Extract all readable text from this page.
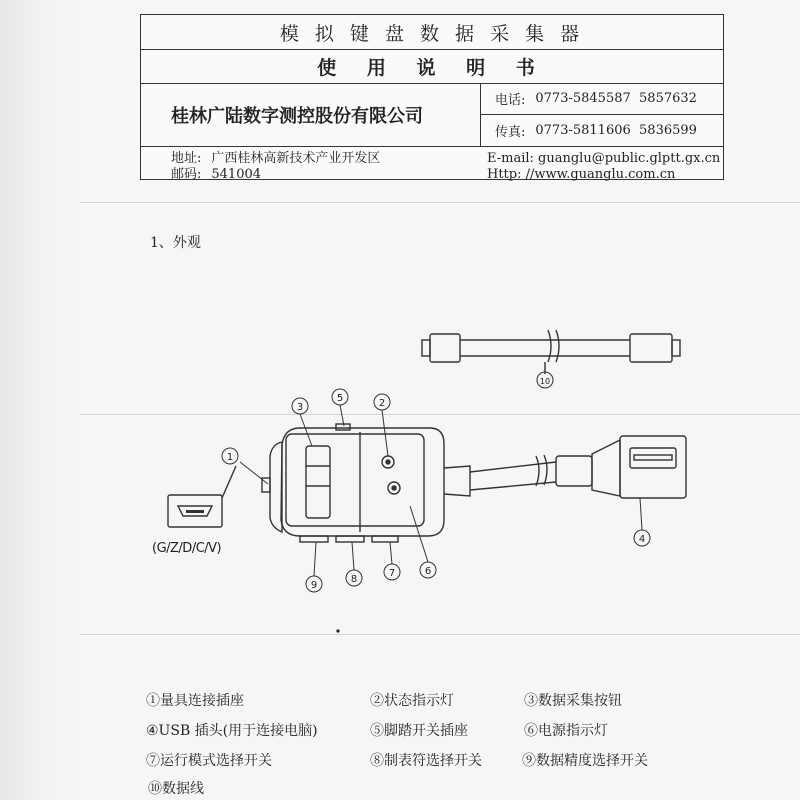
模 拟 键 盘 数 据 采 集 器
使 用 说 明 书
桂林广陆数字测控股份有限公司
电话: 0773-5845587  5857632
传真: 0773-5811606  5836599
地址: 广西桂林高新技术产业开发区
邮码: 541004
E-mail: guanglu@public.glptt.gx.cn
Http: //www.guanglu.com.cn
1、外观
3
5	2
1
4
6
7
8
9
10
(G/Z/D/C/V)
①量具连接插座	②状态指示灯	③数据采集按钮
④USB 插头(用于连接电脑)	⑤脚踏开关插座	⑥电源指示灯
⑦运行模式选择开关	⑧制表符选择开关	⑨数据精度选择开关
⑩数据线
